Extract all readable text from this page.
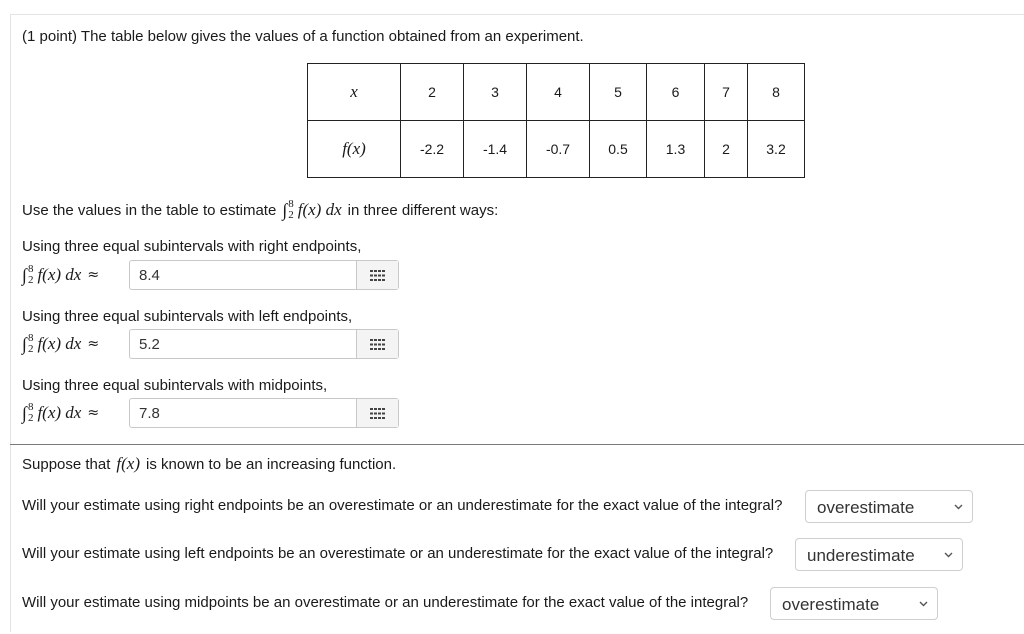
(1 point) The table below gives the values of a function obtained from an experiment.
x	2	3	4	5	6	7	8
f(x)	-2.2	-1.4	-0.7	0.5	1.3	2	3.2
Use the values in the table to estimate ∫ 8
2 f(x) dx in three different ways:
Using three equal subintervals with right endpoints,
∫ 8
2 f(x) dx ≈	8.4
Using three equal subintervals with left endpoints,
∫ 8
2 f(x) dx ≈	5.2
Using three equal subintervals with midpoints,
∫ 8
2 f(x) dx ≈	7.8
Suppose that f(x) is known to be an increasing function.
Will your estimate using right endpoints be an overestimate or an underestimate for the exact value of the integral? overestimate
Will your estimate using left endpoints be an overestimate or an underestimate for the exact value of the integral? underestimate
Will your estimate using midpoints be an overestimate or an underestimate for the exact value of the integral? overestimate
